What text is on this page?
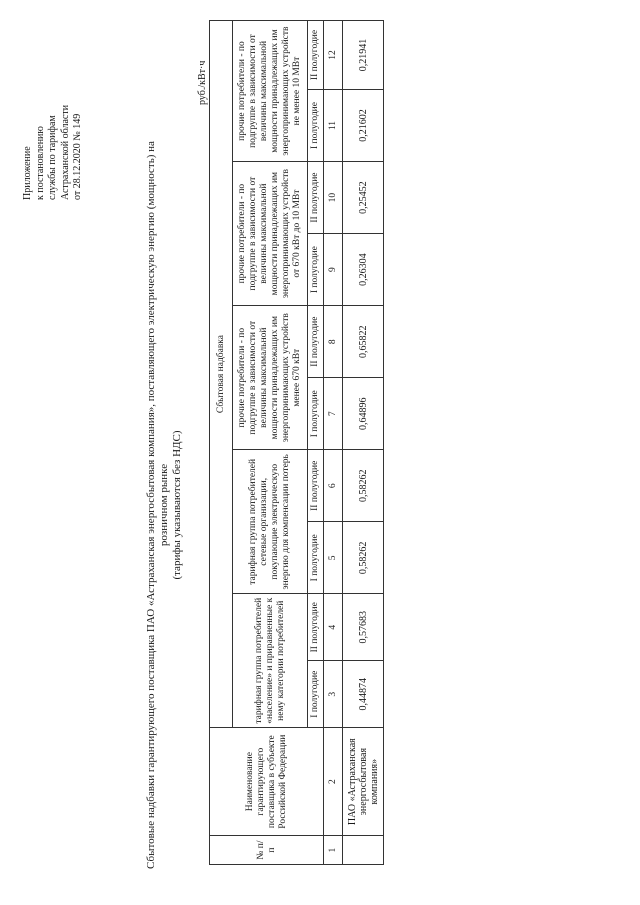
Приложение к постановлению службы по тарифам Астраханской области от 28.12.2020 № 149	Сбытовые надбавки гарантирующего поставщика ПАО «Астраханская энергосбытовая компания», поставляющего электрическую энергию (мощность) на розничном рынке (тарифы указываются без НДС)
руб./кВт·ч
№ п/п	Наименование гарантирующего поставщика в субъекте Российской Федерации	Сбытовая надбавка									
		тарифная группа потребителей «население» и приравненные к нему категории потребителей		тарифная группа потребителей сетевые организации, покупающие электрическую энергию для компенсации потерь		прочие потребители - по подгруппе в зависимости от величины максимальной мощности принадлежащих им энергопринимающих устройств менее 670 кВт		прочие потребители - по подгруппе в зависимости от величины максимальной мощности принадлежащих им энергопринимающих устройств от 670 кВт до 10 МВт		прочие потребители - по подгруппе в зависимости от величины максимальной мощности принадлежащих им энергопринимающих устройств не менее 10 МВт	
		I полугодие	II полугодие	I полугодие	II полугодие	I полугодие	II полугодие	I полугодие	II полугодие	I полугодие	II полугодие
1	2	3	4	5	6	7	8	9	10	11	12
	ПАО «Астраханская энергосбытовая компания»	0,44874	0,57683	0,58262	0,58262	0,64896	0,65822	0,26304	0,25452	0,21602	0,21941
